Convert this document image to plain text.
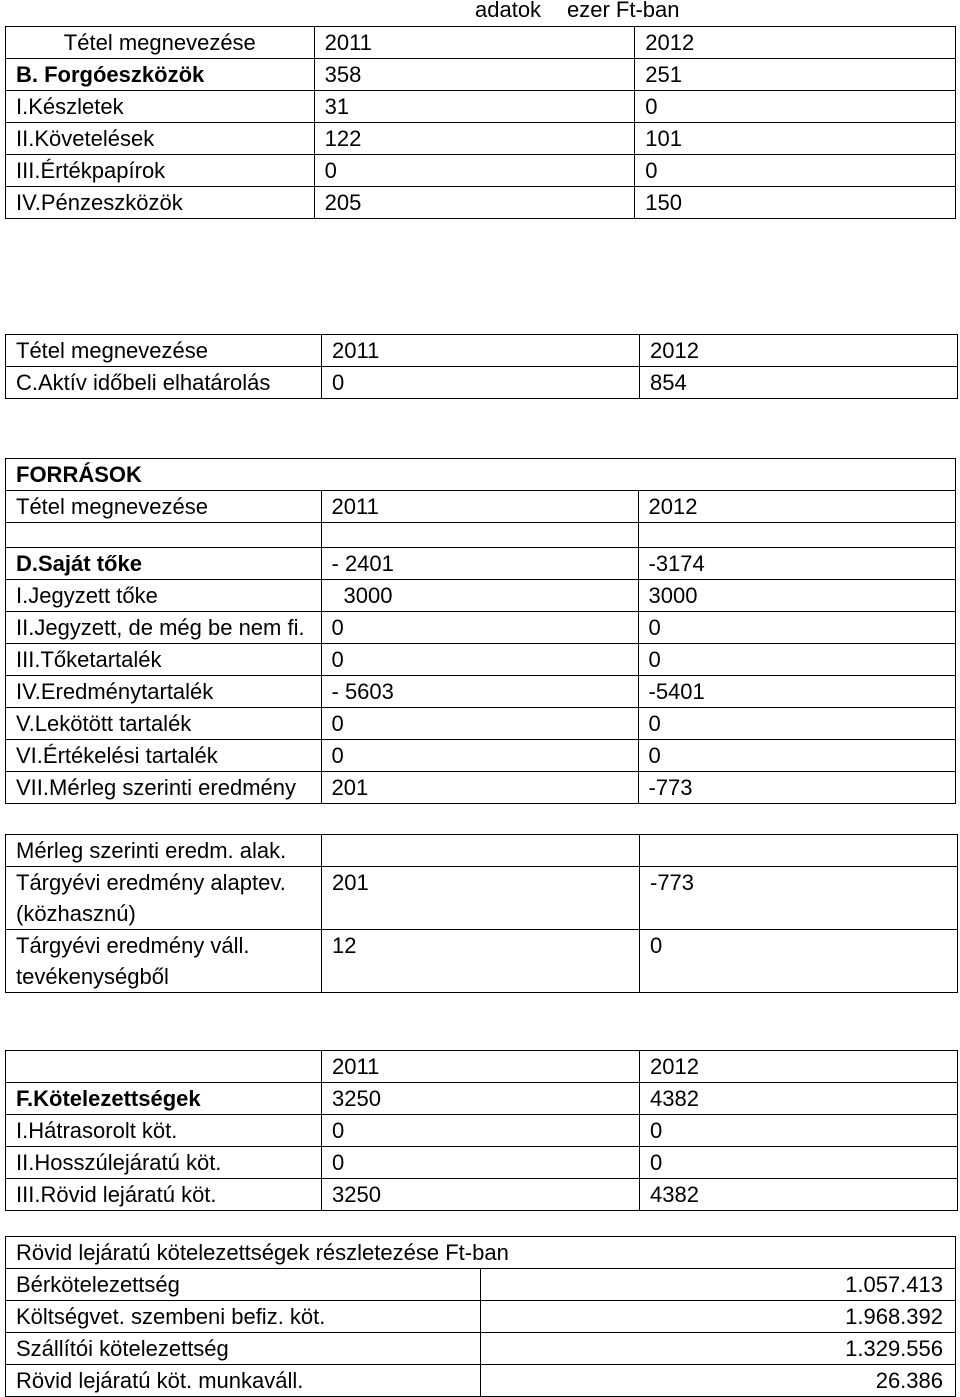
adatok ezer Ft-ban
Tétel megnevezése	2011	2012
B. Forgóeszközök	358	251
I.Készletek	31	0
II.Követelések	122	101
III.Értékpapírok	0	0
IV.Pénzeszközök	205	150
Tétel megnevezése	2011	2012
C.Aktív időbeli elhatárolás	0	854
FORRÁSOK		
Tétel megnevezése	2011	2012

D.Saját tőke	- 2401	-3174
I.Jegyzett tőke	3000	3000
II.Jegyzett, de még be nem fi.	0	0
III.Tőketartalék	0	0
IV.Eredménytartalék	- 5603	-5401
V.Lekötött tartalék	0	0
VI.Értékelési tartalék	0	0
VII.Mérleg szerinti eredmény	201	-773
Mérleg szerinti eredm. alak.		
Tárgyévi eredmény alaptev. (közhasznú)	201	-773
Tárgyévi eredmény váll. tevékenységből	12	0
	2011	2012
F.Kötelezettségek	3250	4382
I.Hátrasorolt köt.	0	0
II.Hosszúlejáratú köt.	0	0
III.Rövid lejáratú köt.	3250	4382
Rövid lejáratú kötelezettségek részletezése Ft-ban	
Bérkötelezettség	1.057.413
Költségvet. szembeni befiz. köt.	1.968.392
Szállítói kötelezettség	1.329.556
Rövid lejáratú köt. munkaváll.	26.386
